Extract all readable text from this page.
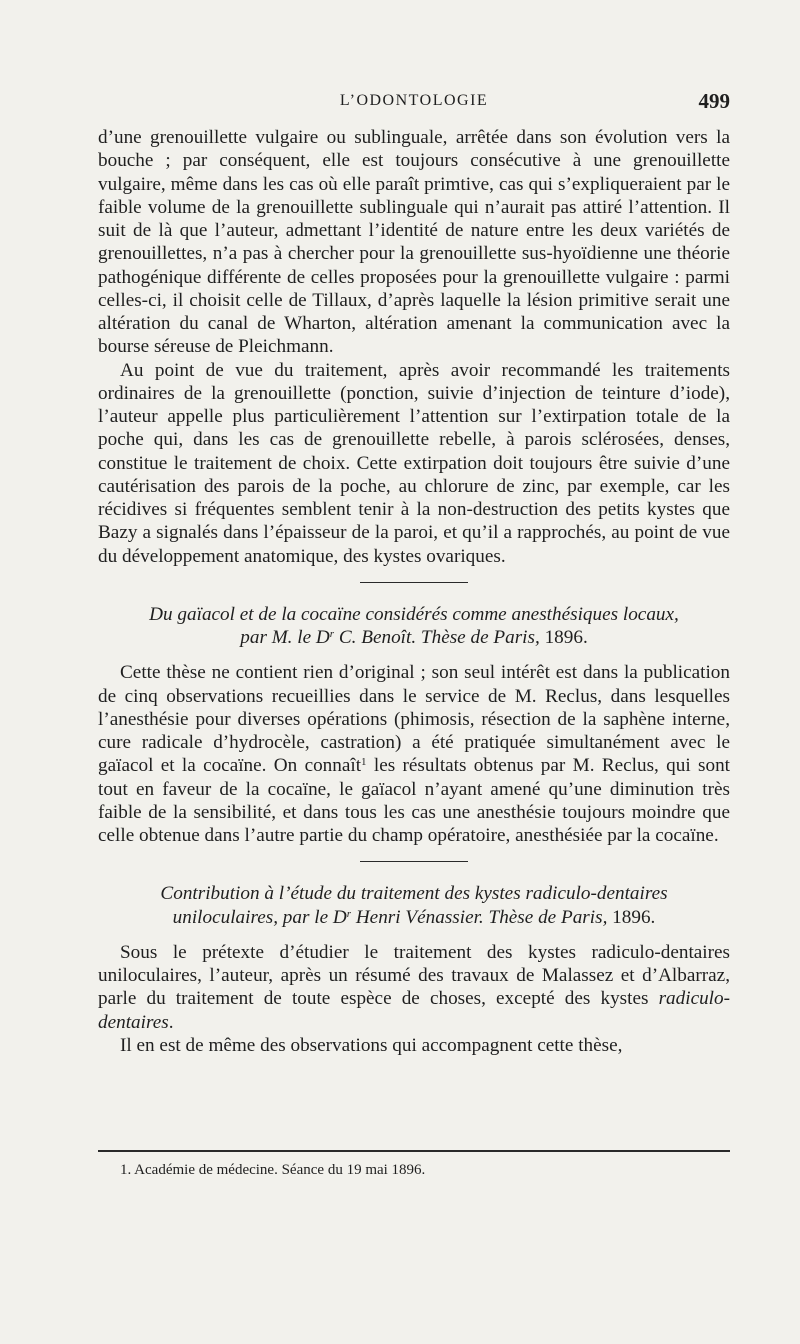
L’ODONTOLOGIE	499

d’une grenouillette vulgaire ou sublinguale, arrêtée dans son évolution vers la bouche ; par conséquent, elle est toujours consécutive à une grenouillette vulgaire, même dans les cas où elle paraît primtive, cas qui s’expliqueraient par le faible volume de la grenouillette sublinguale qui n’aurait pas attiré l’attention. Il suit de là que l’auteur, admettant l’identité de nature entre les deux variétés de grenouillettes, n’a pas à chercher pour la grenouillette sus-hyoïdienne une théorie pathogénique différente de celles proposées pour la grenouillette vulgaire : parmi celles-ci, il choisit celle de Tillaux, d’après laquelle la lésion primitive serait une altération du canal de Wharton, altération amenant la communication avec la bourse séreuse de Pleichmann.

Au point de vue du traitement, après avoir recommandé les traitements ordinaires de la grenouillette (ponction, suivie d’injection de teinture d’iode), l’auteur appelle plus particulièrement l’attention sur l’extirpation totale de la poche qui, dans les cas de grenouillette rebelle, à parois sclérosées, denses, constitue le traitement de choix. Cette extirpation doit toujours être suivie d’une cautérisation des parois de la poche, au chlorure de zinc, par exemple, car les récidives si fréquentes semblent tenir à la non-destruction des petits kystes que Bazy a signalés dans l’épaisseur de la paroi, et qu’il a rapprochés, au point de vue du développement anatomique, des kystes ovariques.

Du gaïacol et de la cocaïne considérés comme anesthésiques locaux,
par M. le $D^r$ C. Benoît. Thèse de Paris, 1896.

Cette thèse ne contient rien d’original ; son seul intérêt est dans la publication de cinq observations recueillies dans le service de M. Reclus, dans lesquelles l’anesthésie pour diverses opérations (phimosis, résection de la saphène interne, cure radicale d’hydrocèle, castration) a été pratiquée simultanément avec le gaïacol et la cocaïne. On connaît$^1$ les résultats obtenus par M. Reclus, qui sont tout en faveur de la cocaïne, le gaïacol n’ayant amené qu’une diminution très faible de la sensibilité, et dans tous les cas une anesthésie toujours moindre que celle obtenue dans l’autre partie du champ opératoire, anesthésiée par la cocaïne.

Contribution à l’étude du traitement des kystes radiculo-dentaires
uniloculaires, par le $D^r$ Henri Vénassier. Thèse de Paris, 1896.

Sous le prétexte d’étudier le traitement des kystes radiculo-dentaires uniloculaires, l’auteur, après un résumé des travaux de Malassez et d’Albarraz, parle du traitement de toute espèce de choses, excepté des kystes radiculo-dentaires.

Il en est de même des observations qui accompagnent cette thèse,

1. Académie de médecine. Séance du 19 mai 1896.
